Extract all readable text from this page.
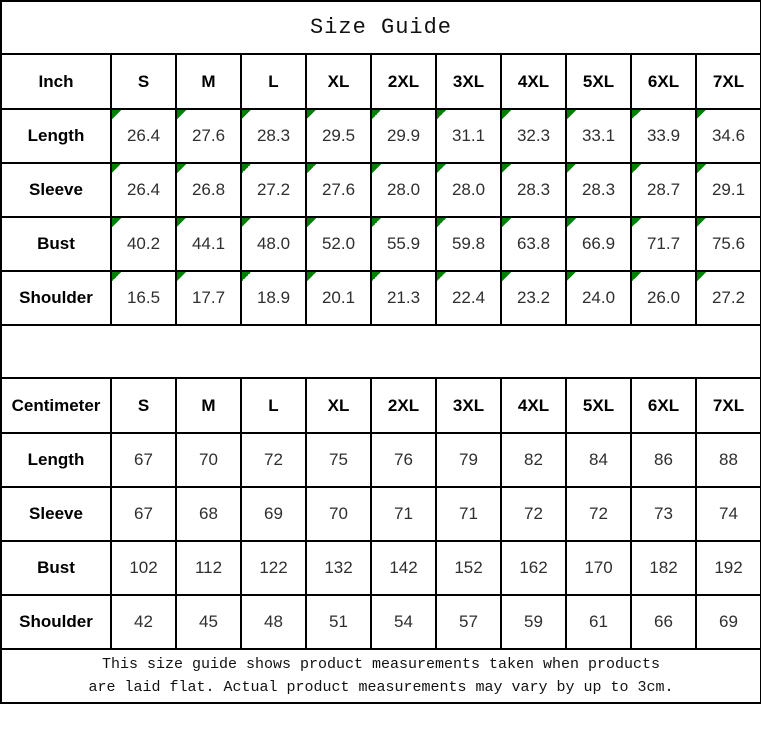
Size Guide										
Inch	S	M	L	XL	2XL	3XL	4XL	5XL	6XL	7XL
Length	26.4	27.6	28.3	29.5	29.9	31.1	32.3	33.1	33.9	34.6
Sleeve	26.4	26.8	27.2	27.6	28.0	28.0	28.3	28.3	28.7	29.1
Bust	40.2	44.1	48.0	52.0	55.9	59.8	63.8	66.9	71.7	75.6
Shoulder	16.5	17.7	18.9	20.1	21.3	22.4	23.2	24.0	26.0	27.2

Centimeter	S	M	L	XL	2XL	3XL	4XL	5XL	6XL	7XL
Length	67	70	72	75	76	79	82	84	86	88
Sleeve	67	68	69	70	71	71	72	72	73	74
Bust	102	112	122	132	142	152	162	170	182	192
Shoulder	42	45	48	51	54	57	59	61	66	69

This size guide shows product measurements taken when products
are laid flat. Actual product measurements may vary by up to 3cm.										
